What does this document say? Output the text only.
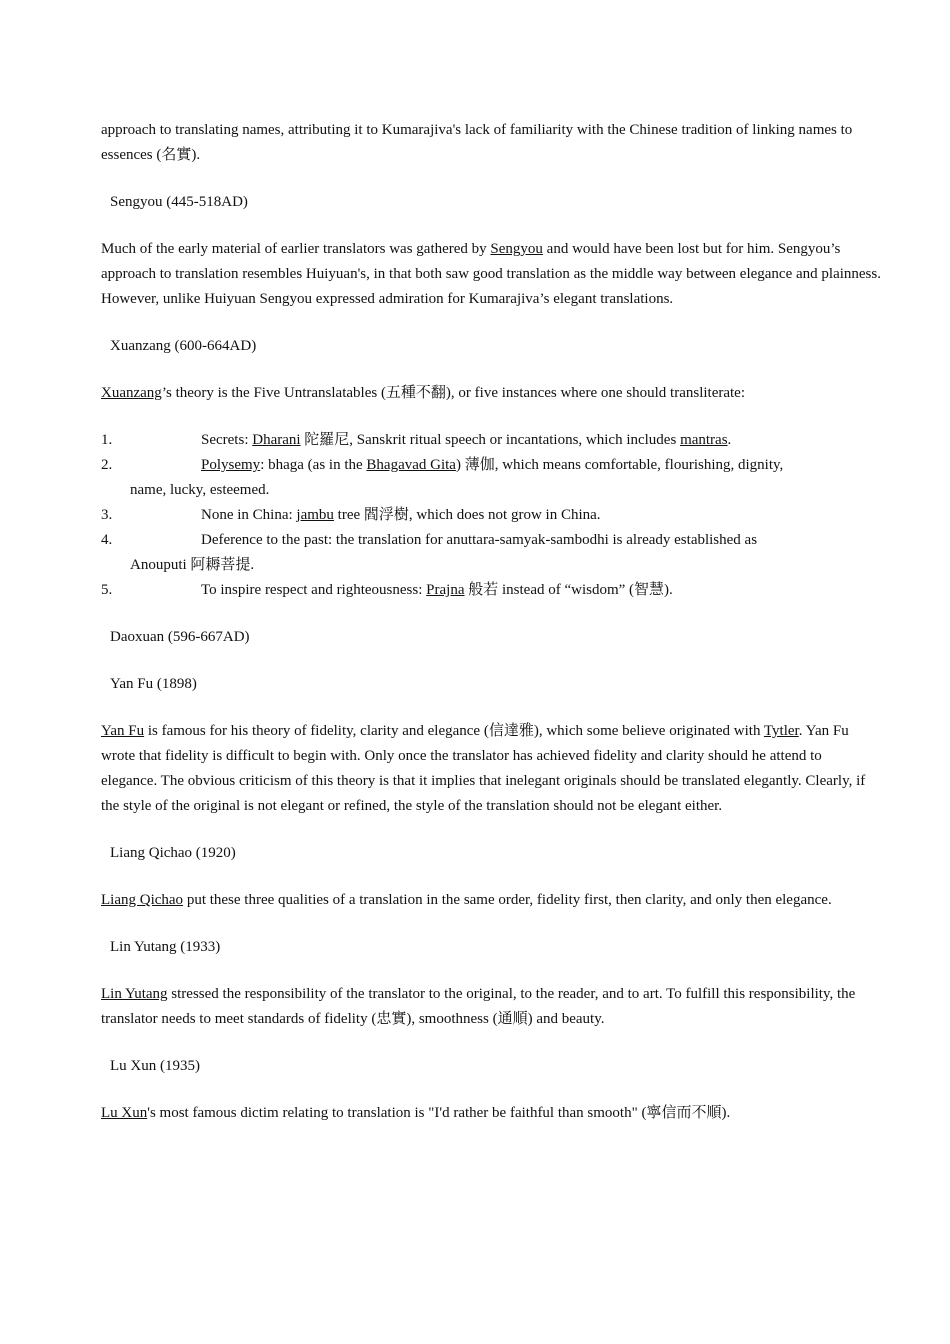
approach to translating names, attributing it to Kumarajiva's lack of familiarity with the Chinese tradition of linking names to essences (名實).

Sengyou (445-518AD)

Much of the early material of earlier translators was gathered by Sengyou and would have been lost but for him. Sengyou’s approach to translation resembles Huiyuan's, in that both saw good translation as the middle way between elegance and plainness. However, unlike Huiyuan Sengyou expressed admiration for Kumarajiva’s elegant translations.

Xuanzang (600-664AD)

Xuanzang’s theory is the Five Untranslatables (五種不翻), or five instances where one should transliterate:

1.	Secrets: Dharani 陀羅尼, Sanskrit ritual speech or incantations, which includes mantras.
2.	Polysemy: bhaga (as in the Bhagavad Gita) 薄伽, which means comfortable, flourishing, dignity,
name, lucky, esteemed.
3.	None in China: jambu tree 閻浮樹, which does not grow in China.
4.	Deference to the past: the translation for anuttara-samyak-sambodhi is already established as
Anouputi 阿耨菩提.
5.	To inspire respect and righteousness: Prajna 般若 instead of “wisdom” (智慧).

Daoxuan (596-667AD)

Yan Fu (1898)

Yan Fu is famous for his theory of fidelity, clarity and elegance (信達雅), which some believe originated with Tytler. Yan Fu wrote that fidelity is difficult to begin with. Only once the translator has achieved fidelity and clarity should he attend to elegance. The obvious criticism of this theory is that it implies that inelegant originals should be translated elegantly. Clearly, if the style of the original is not elegant or refined, the style of the translation should not be elegant either.

Liang Qichao (1920)

Liang Qichao put these three qualities of a translation in the same order, fidelity first, then clarity, and only then elegance.

Lin Yutang (1933)

Lin Yutang stressed the responsibility of the translator to the original, to the reader, and to art. To fulfill this responsibility, the translator needs to meet standards of fidelity (忠實), smoothness (通順) and beauty.

Lu Xun (1935)

Lu Xun's most famous dictim relating to translation is "I'd rather be faithful than smooth" (寧信而不順).
